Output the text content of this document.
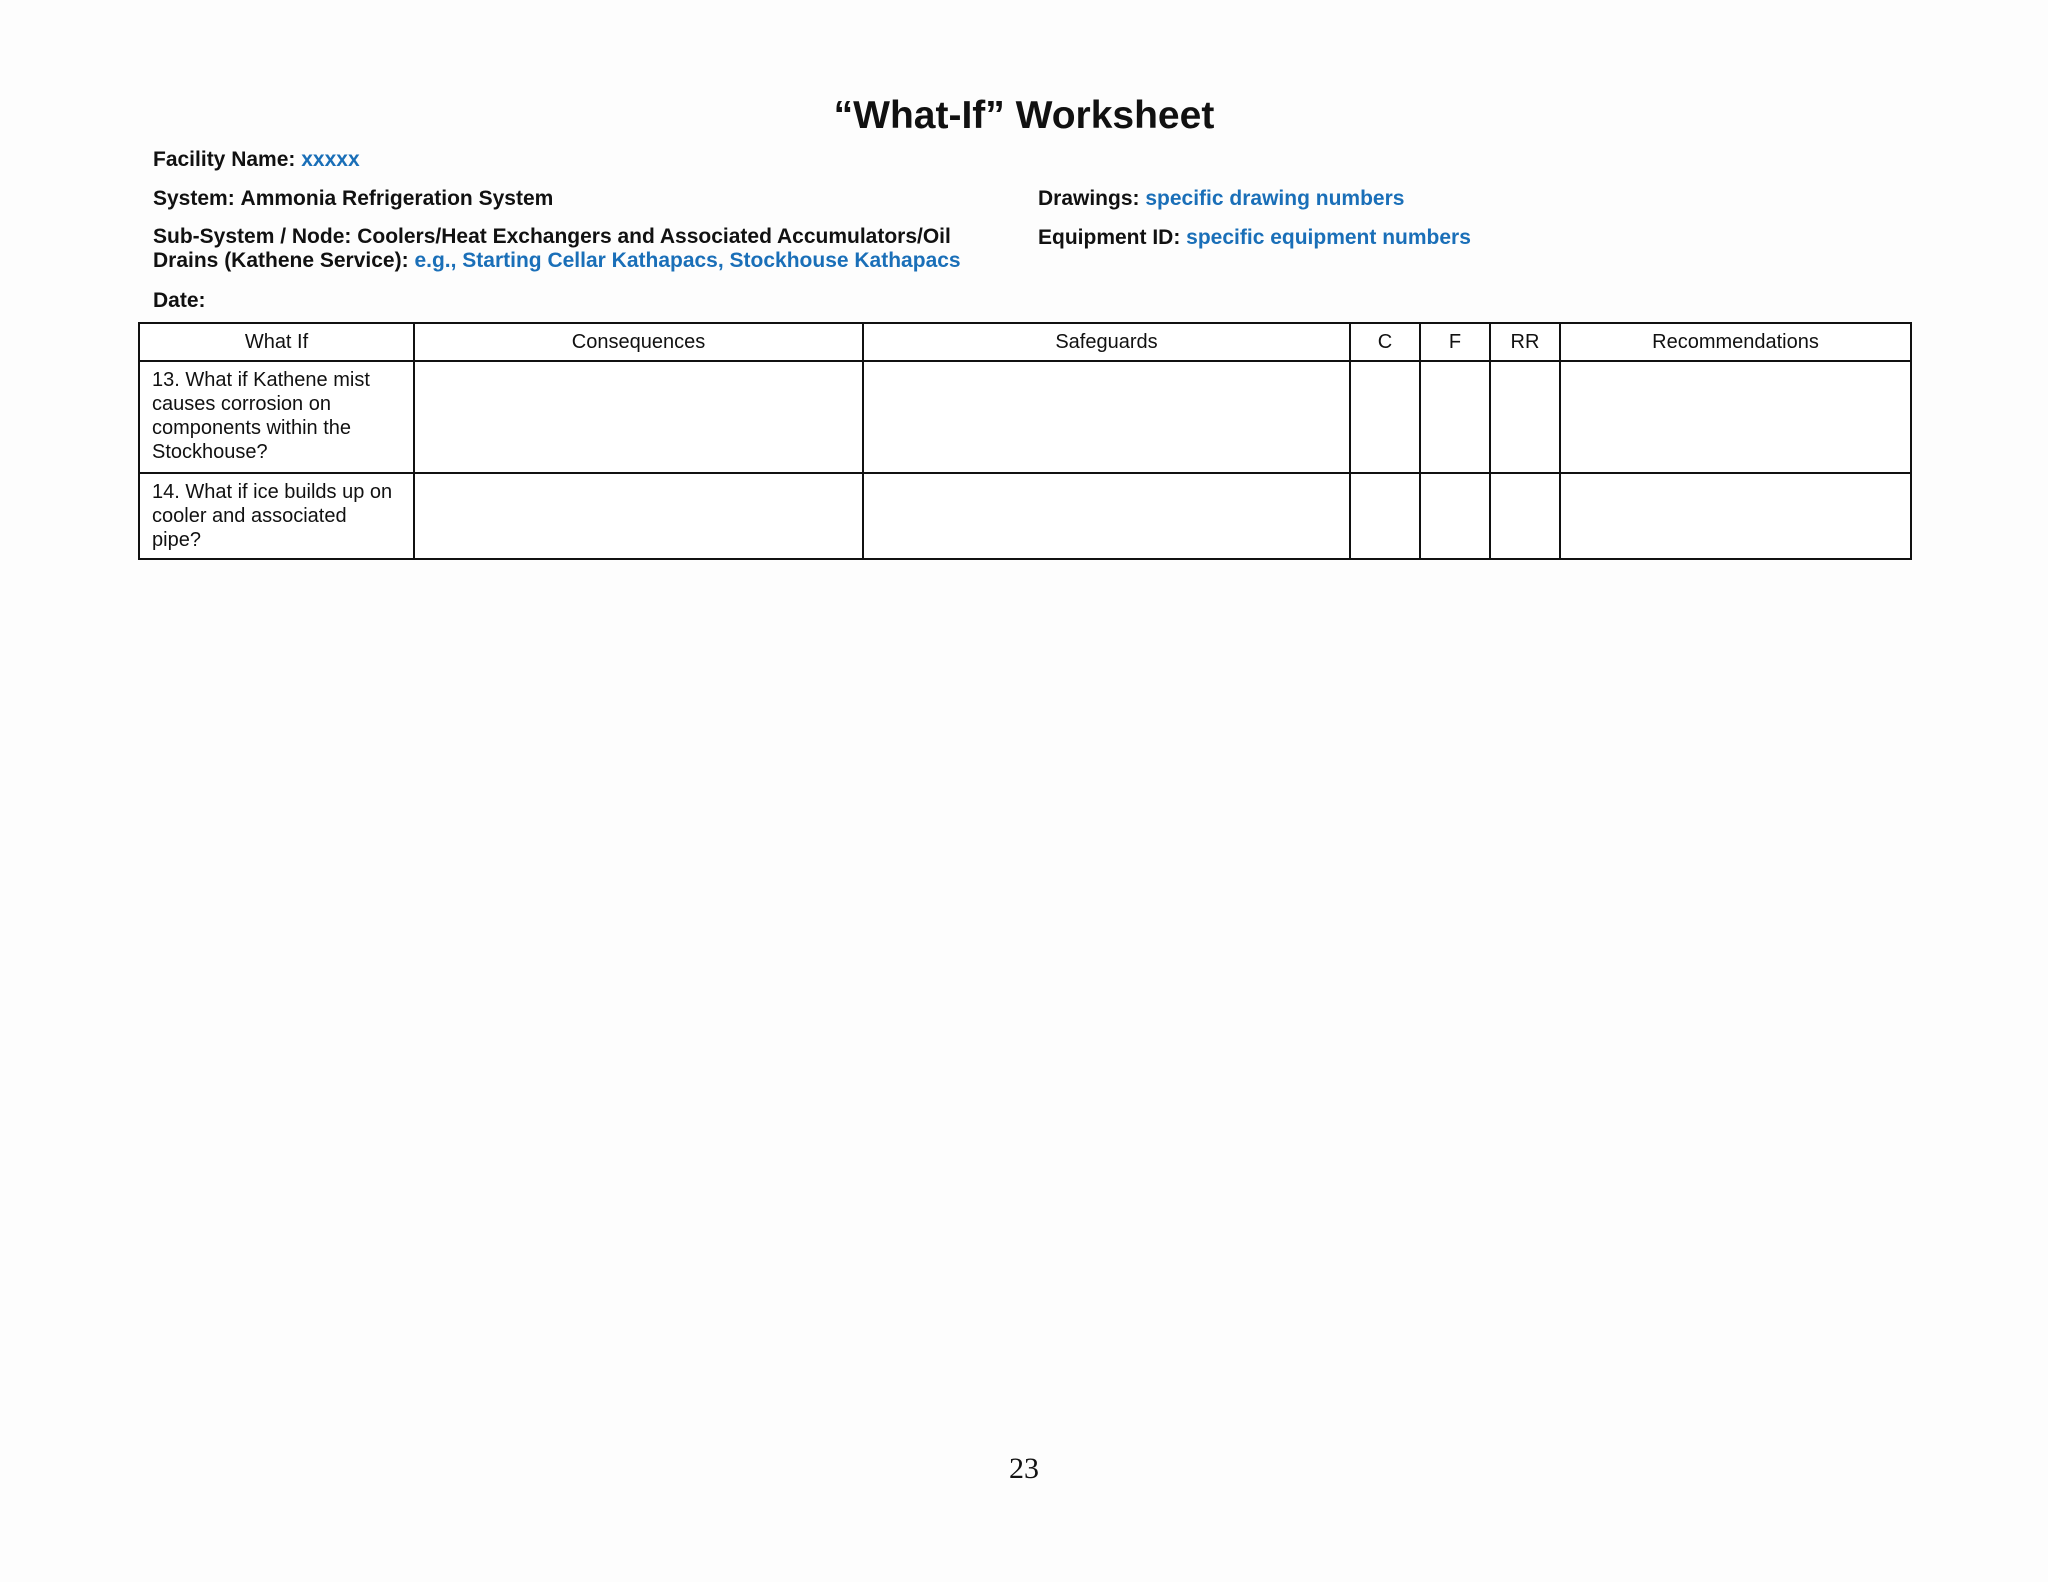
“What-If” Worksheet
Facility Name: xxxxx
System: Ammonia Refrigeration System	Drawings: specific drawing numbers
Sub-System / Node: Coolers/Heat Exchangers and Associated Accumulators/Oil Drains (Kathene Service): e.g., Starting Cellar Kathapacs, Stockhouse Kathapacs
Equipment ID: specific equipment numbers
Date:
What If	Consequences	Safeguards	C	F	RR	Recommendations
13. What if Kathene mist causes corrosion on components within the Stockhouse?						
14. What if ice builds up on cooler and associated pipe?						
23
